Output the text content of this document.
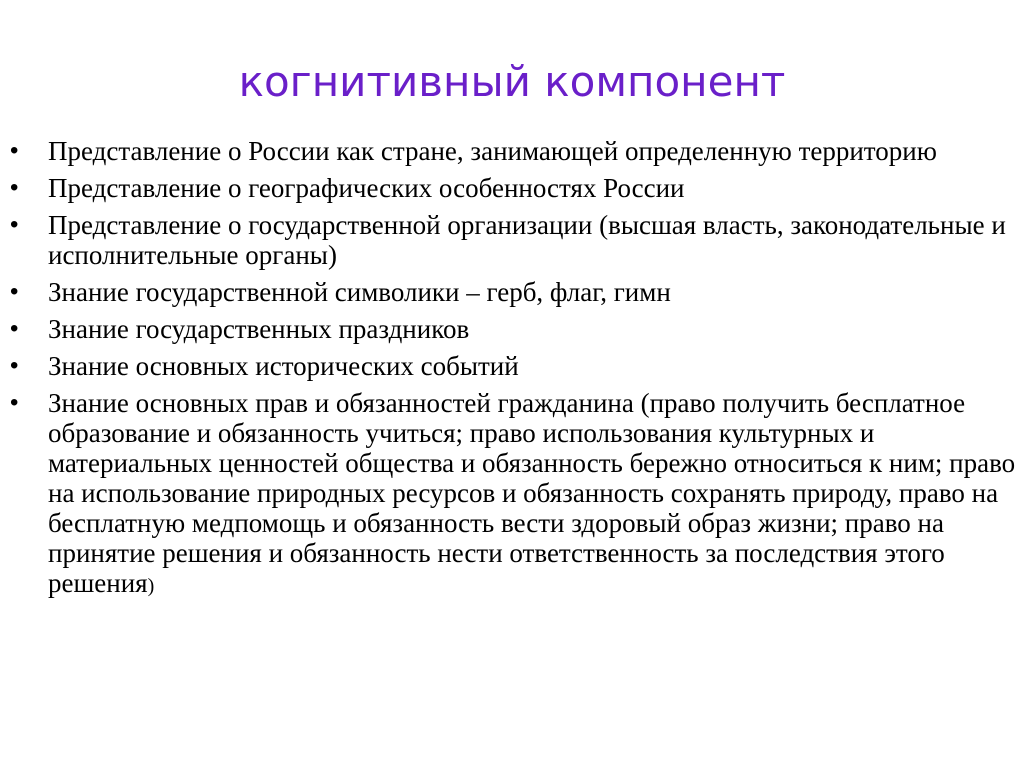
когнитивный компонент
• Представление о России как стране, занимающей определенную территорию
• Представление о географических особенностях России
• Представление о государственной организации (высшая власть, законодательные и исполнительные органы)
• Знание государственной символики – герб, флаг, гимн
• Знание государственных праздников
• Знание основных исторических событий
• Знание основных прав и обязанностей гражданина (право получить бесплатное образование и обязанность учиться; право использования культурных и материальных ценностей общества и обязанность бережно относиться к ним; право на использование природных ресурсов и обязанность сохранять природу, право на бесплатную медпомощь и обязанность вести здоровый образ жизни; право на принятие решения и обязанность нести ответственность за последствия этого решения)
